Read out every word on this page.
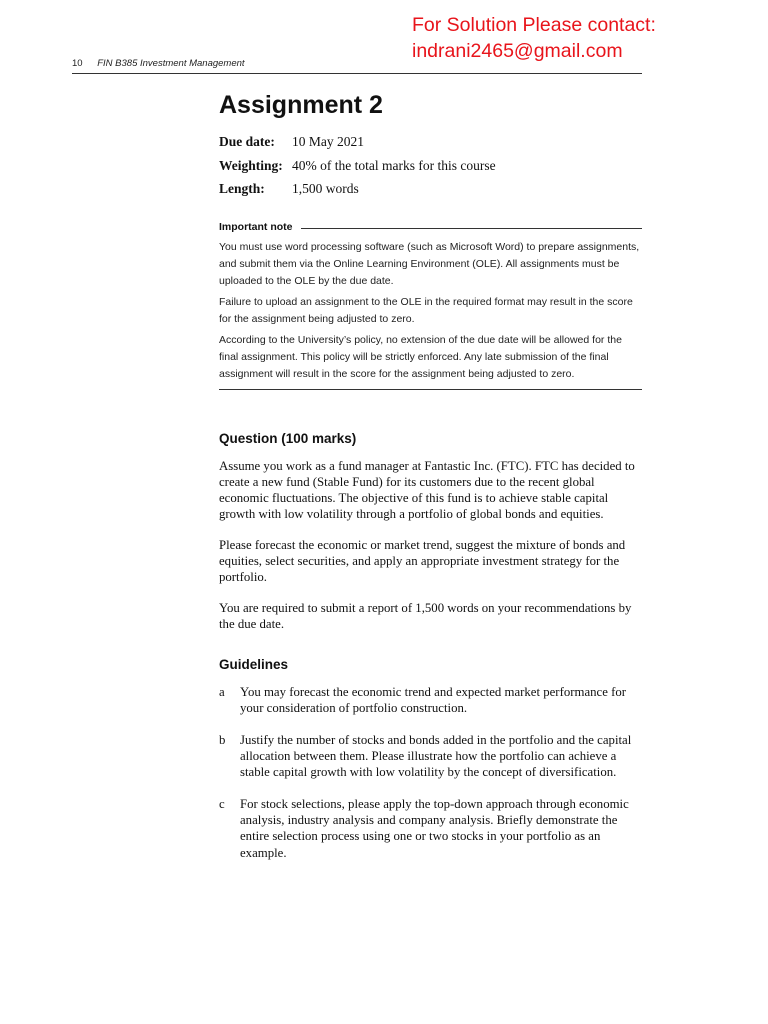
For Solution Please contact:
indrani2465@gmail.com
10 FIN B385 Investment Management
Assignment 2
Due date:	10 May 2021
Weighting: 40% of the total marks for this course
Length:	1,500 words
Important note

You must use word processing software (such as Microsoft Word) to prepare assignments, and submit them via the Online Learning Environment (OLE). All assignments must be uploaded to the OLE by the due date.

Failure to upload an assignment to the OLE in the required format may result in the score for the assignment being adjusted to zero.

According to the University’s policy, no extension of the due date will be allowed for the final assignment. This policy will be strictly enforced. Any late submission of the final assignment will result in the score for the assignment being adjusted to zero.

Question (100 marks)

Assume you work as a fund manager at Fantastic Inc. (FTC). FTC has decided to create a new fund (Stable Fund) for its customers due to the recent global economic fluctuations. The objective of this fund is to achieve stable capital growth with low volatility through a portfolio of global bonds and equities.

Please forecast the economic or market trend, suggest the mixture of bonds and equities, select securities, and apply an appropriate investment strategy for the portfolio.

You are required to submit a report of 1,500 words on your recommendations by the due date.

Guidelines
a	You may forecast the economic trend and expected market performance for your consideration of portfolio construction.
b	Justify the number of stocks and bonds added in the portfolio and the capital allocation between them. Please illustrate how the portfolio can achieve a stable capital growth with low volatility by the concept of diversification.
c	For stock selections, please apply the top-down approach through economic analysis, industry analysis and company analysis. Briefly demonstrate the entire selection process using one or two stocks in your portfolio as an example.
